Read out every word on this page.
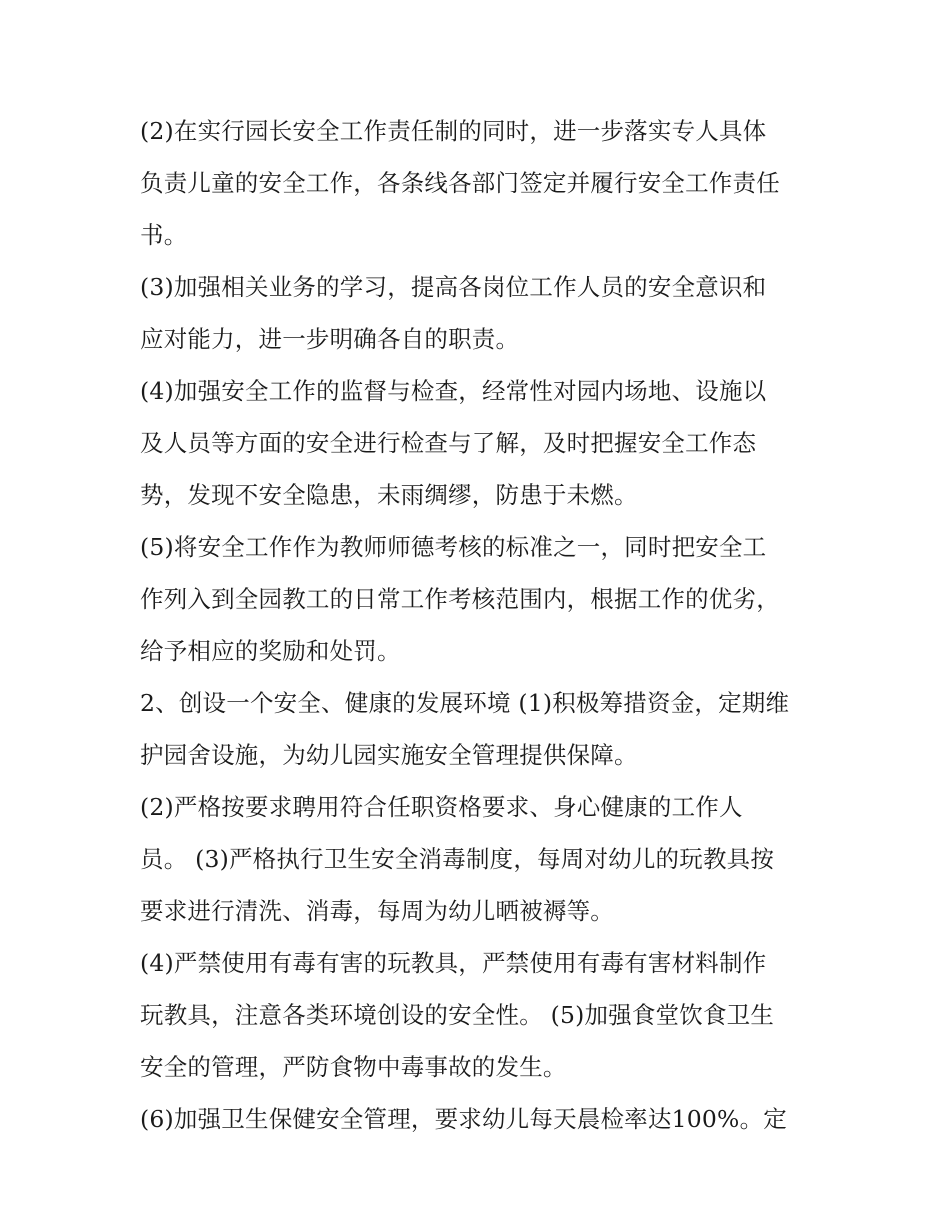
(2)在实行园长安全工作责任制的同时，进一步落实专人具体
负责儿童的安全工作，各条线各部门签定并履行安全工作责任
书。
(3)加强相关业务的学习，提高各岗位工作人员的安全意识和
应对能力，进一步明确各自的职责。
(4)加强安全工作的监督与检查，经常性对园内场地、设施以
及人员等方面的安全进行检查与了解，及时把握安全工作态
势，发现不安全隐患，未雨绸缪，防患于未燃。
(5)将安全工作作为教师师德考核的标准之一，同时把安全工
作列入到全园教工的日常工作考核范围内，根据工作的优劣，
给予相应的奖励和处罚。
2、创设一个安全、健康的发展环境 (1)积极筹措资金，定期维
护园舍设施，为幼儿园实施安全管理提供保障。
(2)严格按要求聘用符合任职资格要求、身心健康的工作人
员。 (3)严格执行卫生安全消毒制度，每周对幼儿的玩教具按
要求进行清洗、消毒，每周为幼儿晒被褥等。
(4)严禁使用有毒有害的玩教具，严禁使用有毒有害材料制作
玩教具，注意各类环境创设的安全性。 (5)加强食堂饮食卫生
安全的管理，严防食物中毒事故的发生。
(6)加强卫生保健安全管理，要求幼儿每天晨检率达100%。定
